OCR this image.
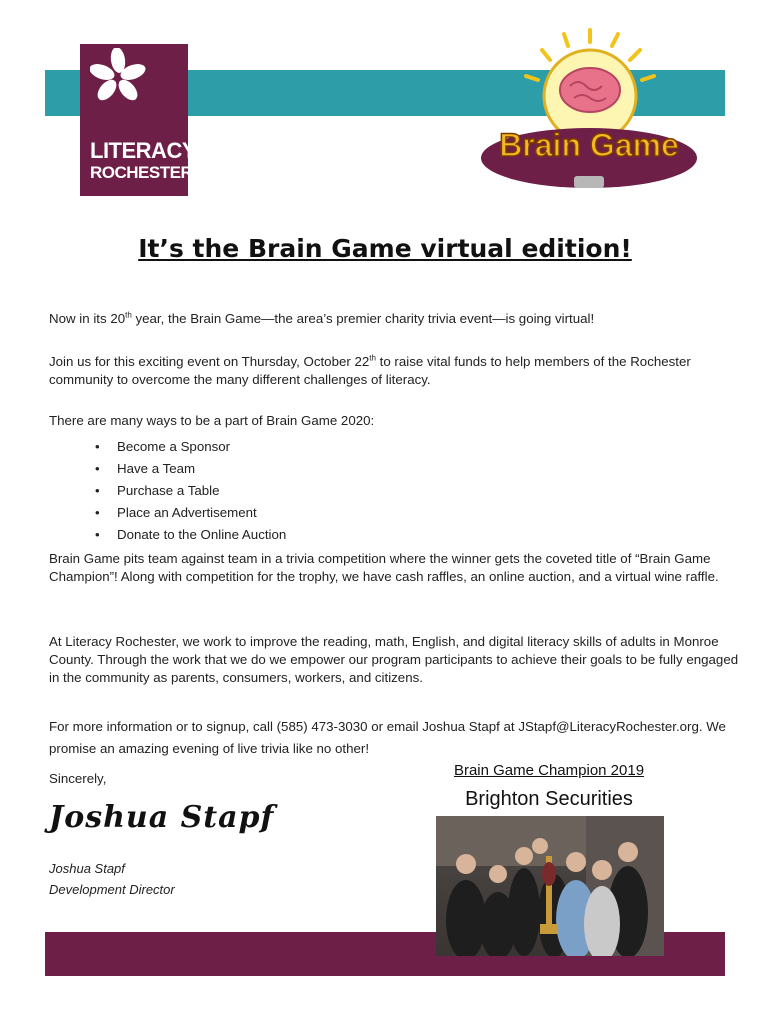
LITERACY
ROCHESTER
Brain Game
It’s the Brain Game virtual edition!

Now in its 20th year, the Brain Game—the area’s premier charity trivia event—is going virtual!

Join us for this exciting event on Thursday, October 22th to raise vital funds to help members of the Rochester community to overcome the many different challenges of literacy.

There are many ways to be a part of Brain Game 2020:
• Become a Sponsor
• Have a Team
• Purchase a Table
• Place an Advertisement
• Donate to the Online Auction
Brain Game pits team against team in a trivia competition where the winner gets the coveted title of “Brain Game Champion”! Along with competition for the trophy, we have cash raffles, an online auction, and a virtual wine raffle.
At Literacy Rochester, we work to improve the reading, math, English, and digital literacy skills of adults in Monroe County. Through the work that we do we empower our program participants to achieve their goals to be fully engaged in the community as parents, consumers, workers, and citizens.
For more information or to signup, call (585) 473-3030 or email Joshua Stapf at JStapf@LiteracyRochester.org. We promise an amazing evening of live trivia like no other!
Sincerely,	Brain Game Champion 2019
Brighton Securities
Joshua Stapf
Joshua Stapf
Development Director
